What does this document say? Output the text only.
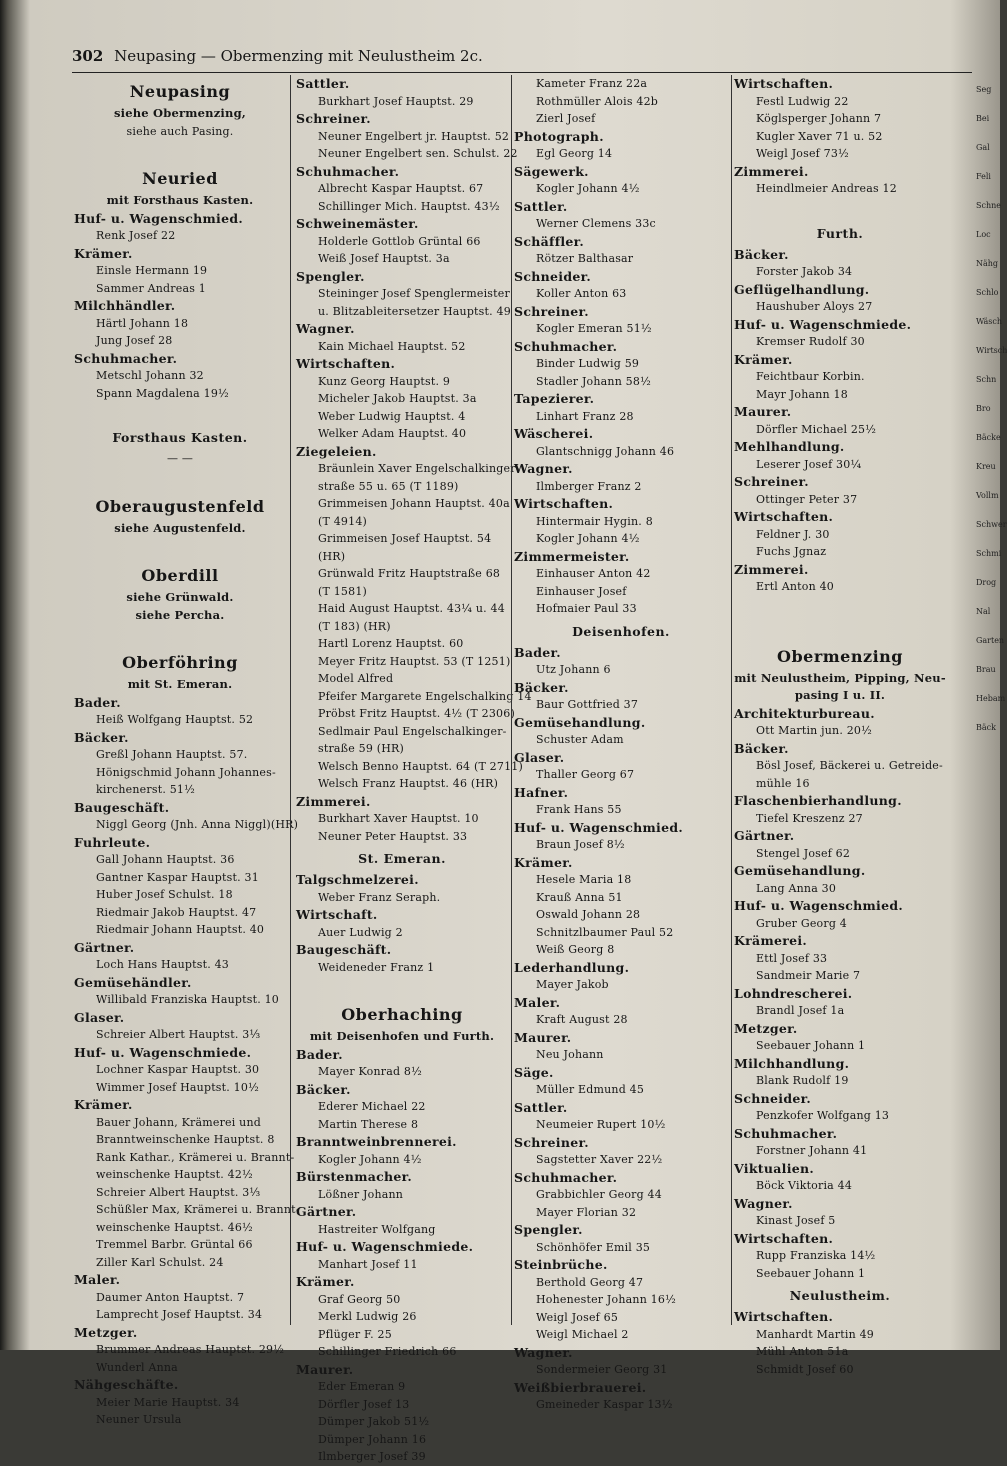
302 Neupasing — Obermenzing mit Neulustheim 2c.
Neupasing
siehe Obermenzing,
siehe auch Pasing.
Neuried
mit Forsthaus Kasten.
Huf- u. Wagenschmied.
Renk Josef 22
Krämer.
Einsle Hermann 19
Sammer Andreas 1
Milchhändler.
Härtl Johann 18
Jung Josef 28
Schuhmacher.
Metschl Johann 32
Spann Magdalena 19½
Forsthaus Kasten.
— —
Oberaugustenfeld
siehe Augustenfeld.
Oberdill
siehe Grünwald.
siehe Percha.
Oberföhring
mit St. Emeran.
Bader.
Heiß Wolfgang Hauptst. 52
Bäcker.
Greßl Johann Hauptst. 57.
Hönigschmid Johann Johannes-
kirchenerst. 51½
Baugeschäft.
Niggl Georg (Jnh. Anna Niggl)(HR)
Fuhrleute.
Gall Johann Hauptst. 36
Gantner Kaspar Hauptst. 31
Huber Josef Schulst. 18
Riedmair Jakob Hauptst. 47
Riedmair Johann Hauptst. 40
Gärtner.
Loch Hans Hauptst. 43
Gemüsehändler.
Willibald Franziska Hauptst. 10
Glaser.
Schreier Albert Hauptst. 3⅓
Huf- u. Wagenschmiede.
Lochner Kaspar Hauptst. 30
Wimmer Josef Hauptst. 10½
Krämer.
Bauer Johann, Krämerei und
Branntweinschenke Hauptst. 8
Rank Kathar., Krämerei u. Brannt-
weinschenke Hauptst. 42½
Schreier Albert Hauptst. 3⅓
Schüßler Max, Krämerei u. Brannt-
weinschenke Hauptst. 46½
Tremmel Barbr. Grüntal 66
Ziller Karl Schulst. 24
Maler.
Daumer Anton Hauptst. 7
Lamprecht Josef Hauptst. 34
Metzger.
Brummer Andreas Hauptst. 29½
Wunderl Anna
Nähgeschäfte.
Meier Marie Hauptst. 34
Neuner Ursula
Sattler.
Burkhart Josef Hauptst. 29
Schreiner.
Neuner Engelbert jr. Hauptst. 52
Neuner Engelbert sen. Schulst. 22
Schuhmacher.
Albrecht Kaspar Hauptst. 67
Schillinger Mich. Hauptst. 43½
Schweinemäster.
Holderle Gottlob Grüntal 66
Weiß Josef Hauptst. 3a
Spengler.
Steininger Josef Spenglermeister
u. Blitzableitersetzer Hauptst. 49
Wagner.
Kain Michael Hauptst. 52
Wirtschaften.
Kunz Georg Hauptst. 9
Micheler Jakob Hauptst. 3a
Weber Ludwig Hauptst. 4
Welker Adam Hauptst. 40
Ziegeleien.
Bräunlein Xaver Engelschalkinger-
straße 55 u. 65 (T 1189)
Grimmeisen Johann Hauptst. 40a
(T 4914)
Grimmeisen Josef Hauptst. 54
(HR)
Grünwald Fritz Hauptstraße 68
(T 1581)
Haid August Hauptst. 43¼ u. 44
(T 183) (HR)
Hartl Lorenz Hauptst. 60
Meyer Fritz Hauptst. 53 (T 1251)
Model Alfred
Pfeifer Margarete Engelschalking 14
Pröbst Fritz Hauptst. 4½ (T 2306)
Sedlmair Paul Engelschalkinger-
straße 59 (HR)
Welsch Benno Hauptst. 64 (T 2711)
Welsch Franz Hauptst. 46 (HR)
Zimmerei.
Burkhart Xaver Hauptst. 10
Neuner Peter Hauptst. 33
St. Emeran.
Talgschmelzerei.
Weber Franz Seraph.
Wirtschaft.
Auer Ludwig 2
Baugeschäft.
Weideneder Franz 1
Oberhaching
mit Deisenhofen und Furth.
Bader.
Mayer Konrad 8½
Bäcker.
Ederer Michael 22
Martin Therese 8
Branntweinbrennerei.
Kogler Johann 4½
Bürstenmacher.
Lößner Johann
Gärtner.
Hastreiter Wolfgang
Huf- u. Wagenschmiede.
Manhart Josef 11
Krämer.
Graf Georg 50
Merkl Ludwig 26
Pflüger F. 25
Schillinger Friedrich 66
Maurer.
Eder Emeran 9
Dörfler Josef 13
Dümper Jakob 51½
Dümper Johann 16
Ilmberger Josef 39
Kameter Franz 22a
Rothmüller Alois 42b
Zierl Josef
Photograph.
Egl Georg 14
Sägewerk.
Kogler Johann 4½
Sattler.
Werner Clemens 33c
Schäffler.
Rötzer Balthasar
Schneider.
Koller Anton 63
Schreiner.
Kogler Emeran 51½
Schuhmacher.
Binder Ludwig 59
Stadler Johann 58½
Tapezierer.
Linhart Franz 28
Wäscherei.
Glantschnigg Johann 46
Wagner.
Ilmberger Franz 2
Wirtschaften.
Hintermair Hygin. 8
Kogler Johann 4½
Zimmermeister.
Einhauser Anton 42
Einhauser Josef
Hofmaier Paul 33
Deisenhofen.
Bader.
Utz Johann 6
Bäcker.
Baur Gottfried 37
Gemüsehandlung.
Schuster Adam
Glaser.
Thaller Georg 67
Hafner.
Frank Hans 55
Huf- u. Wagenschmied.
Braun Josef 8½
Krämer.
Hesele Maria 18
Krauß Anna 51
Oswald Johann 28
Schnitzlbaumer Paul 52
Weiß Georg 8
Lederhandlung.
Mayer Jakob
Maler.
Kraft August 28
Maurer.
Neu Johann
Säge.
Müller Edmund 45
Sattler.
Neumeier Rupert 10½
Schreiner.
Sagstetter Xaver 22½
Schuhmacher.
Grabbichler Georg 44
Mayer Florian 32
Spengler.
Schönhöfer Emil 35
Steinbrüche.
Berthold Georg 47
Hohenester Johann 16½
Weigl Josef 65
Weigl Michael 2
Wagner.
Sondermeier Georg 31
Weißbierbrauerei.
Gmeineder Kaspar 13½
Wirtschaften.
Festl Ludwig 22
Köglsperger Johann 7
Kugler Xaver 71 u. 52
Weigl Josef 73½
Zimmerei.
Heindlmeier Andreas 12
Furth.
Bäcker.
Forster Jakob 34
Geflügelhandlung.
Haushuber Aloys 27
Huf- u. Wagenschmiede.
Kremser Rudolf 30
Krämer.
Feichtbaur Korbin.
Mayr Johann 18
Maurer.
Dörfler Michael 25½
Mehlhandlung.
Leserer Josef 30¼
Schreiner.
Ottinger Peter 37
Wirtschaften.
Feldner J. 30
Fuchs Jgnaz
Zimmerei.
Ertl Anton 40
Obermenzing
mit Neulustheim, Pipping, Neu-
pasing I u. II.
Architekturbureau.
Ott Martin jun. 20½
Bäcker.
Bösl Josef, Bäckerei u. Getreide-
mühle 16
Flaschenbierhandlung.
Tiefel Kreszenz 27
Gärtner.
Stengel Josef 62
Gemüsehandlung.
Lang Anna 30
Huf- u. Wagenschmied.
Gruber Georg 4
Krämerei.
Ettl Josef 33
Sandmeir Marie 7
Lohndrescherei.
Brandl Josef 1a
Metzger.
Seebauer Johann 1
Milchhandlung.
Blank Rudolf 19
Schneider.
Penzkofer Wolfgang 13
Schuhmacher.
Forstner Johann 41
Viktualien.
Böck Viktoria 44
Wagner.
Kinast Josef 5
Wirtschaften.
Rupp Franziska 14½
Seebauer Johann 1
Neulustheim.
Wirtschaften.
Manhardt Martin 49
Mühl Anton 51a
Schmidt Josef 60
Seg
Bei
Gal
Feli
Schne
Loc
Nähg
Schlo
Wäsch
Wirtsch
Schn
Bro
Bäcke
Kreu
Vollm
Schwer
Schmi
Drog
Nal
Garten
Brau
Hebam
Bäck
